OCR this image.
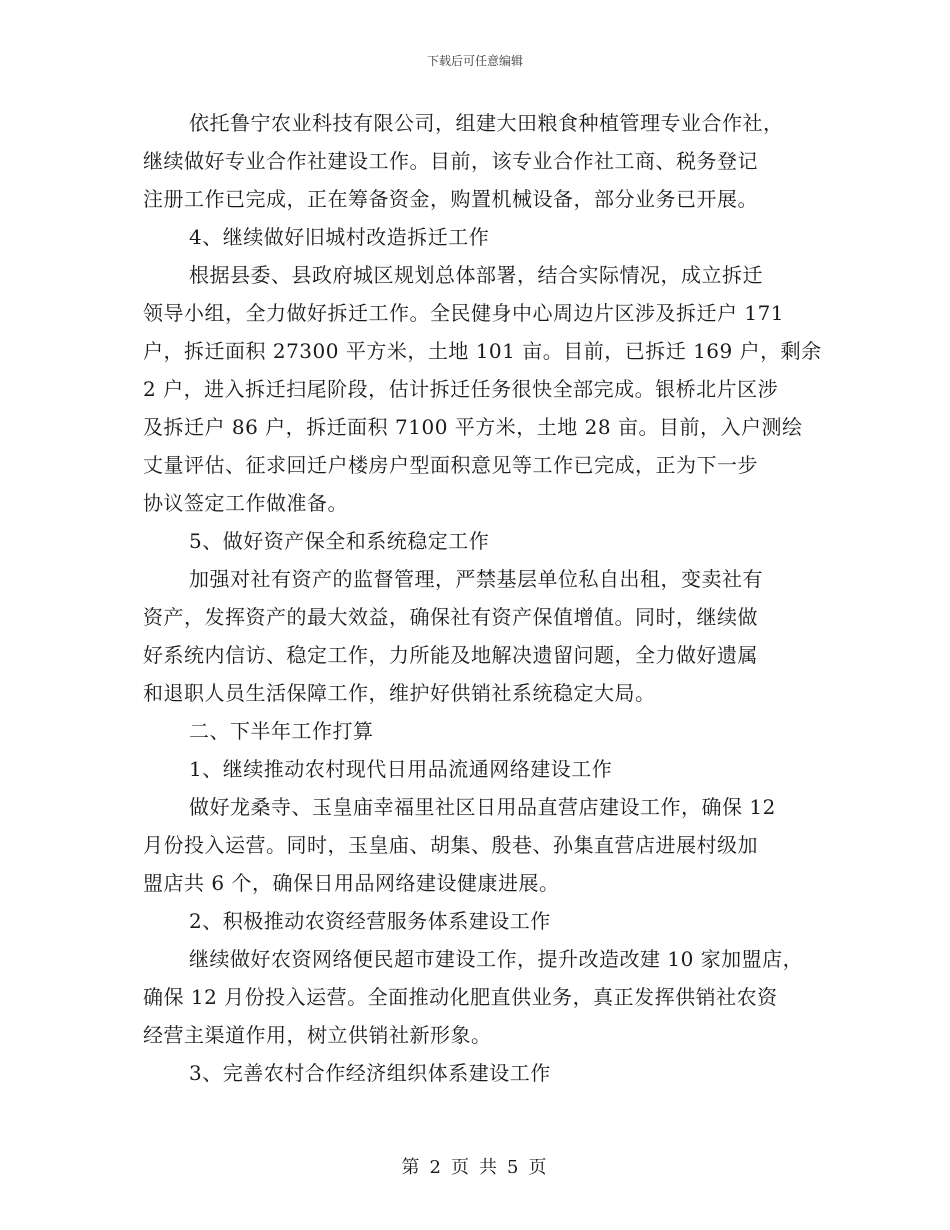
下载后可任意编辑
依托鲁宁农业科技有限公司，组建大田粮食种植管理专业合作社，
继续做好专业合作社建设工作。目前，该专业合作社工商、税务登记
注册工作已完成，正在筹备资金，购置机械设备，部分业务已开展。
4、继续做好旧城村改造拆迁工作
根据县委、县政府城区规划总体部署，结合实际情况，成立拆迁
领导小组，全力做好拆迁工作。全民健身中心周边片区涉及拆迁户 171
户，拆迁面积 27300 平方米，土地 101 亩。目前，已拆迁 169 户，剩余
2 户，进入拆迁扫尾阶段，估计拆迁任务很快全部完成。银桥北片区涉
及拆迁户 86 户，拆迁面积 7100 平方米，土地 28 亩。目前，入户测绘
丈量评估、征求回迁户楼房户型面积意见等工作已完成，正为下一步
协议签定工作做准备。
5、做好资产保全和系统稳定工作
加强对社有资产的监督管理，严禁基层单位私自出租，变卖社有
资产，发挥资产的最大效益，确保社有资产保值增值。同时，继续做
好系统内信访、稳定工作，力所能及地解决遗留问题，全力做好遗属
和退职人员生活保障工作，维护好供销社系统稳定大局。
二、下半年工作打算
1、继续推动农村现代日用品流通网络建设工作
做好龙桑寺、玉皇庙幸福里社区日用品直营店建设工作，确保 12
月份投入运营。同时，玉皇庙、胡集、殷巷、孙集直营店进展村级加
盟店共 6 个，确保日用品网络建设健康进展。
2、积极推动农资经营服务体系建设工作
继续做好农资网络便民超市建设工作，提升改造改建 10 家加盟店，
确保 12 月份投入运营。全面推动化肥直供业务，真正发挥供销社农资
经营主渠道作用，树立供销社新形象。
3、完善农村合作经济组织体系建设工作
第 2 页 共 5 页
